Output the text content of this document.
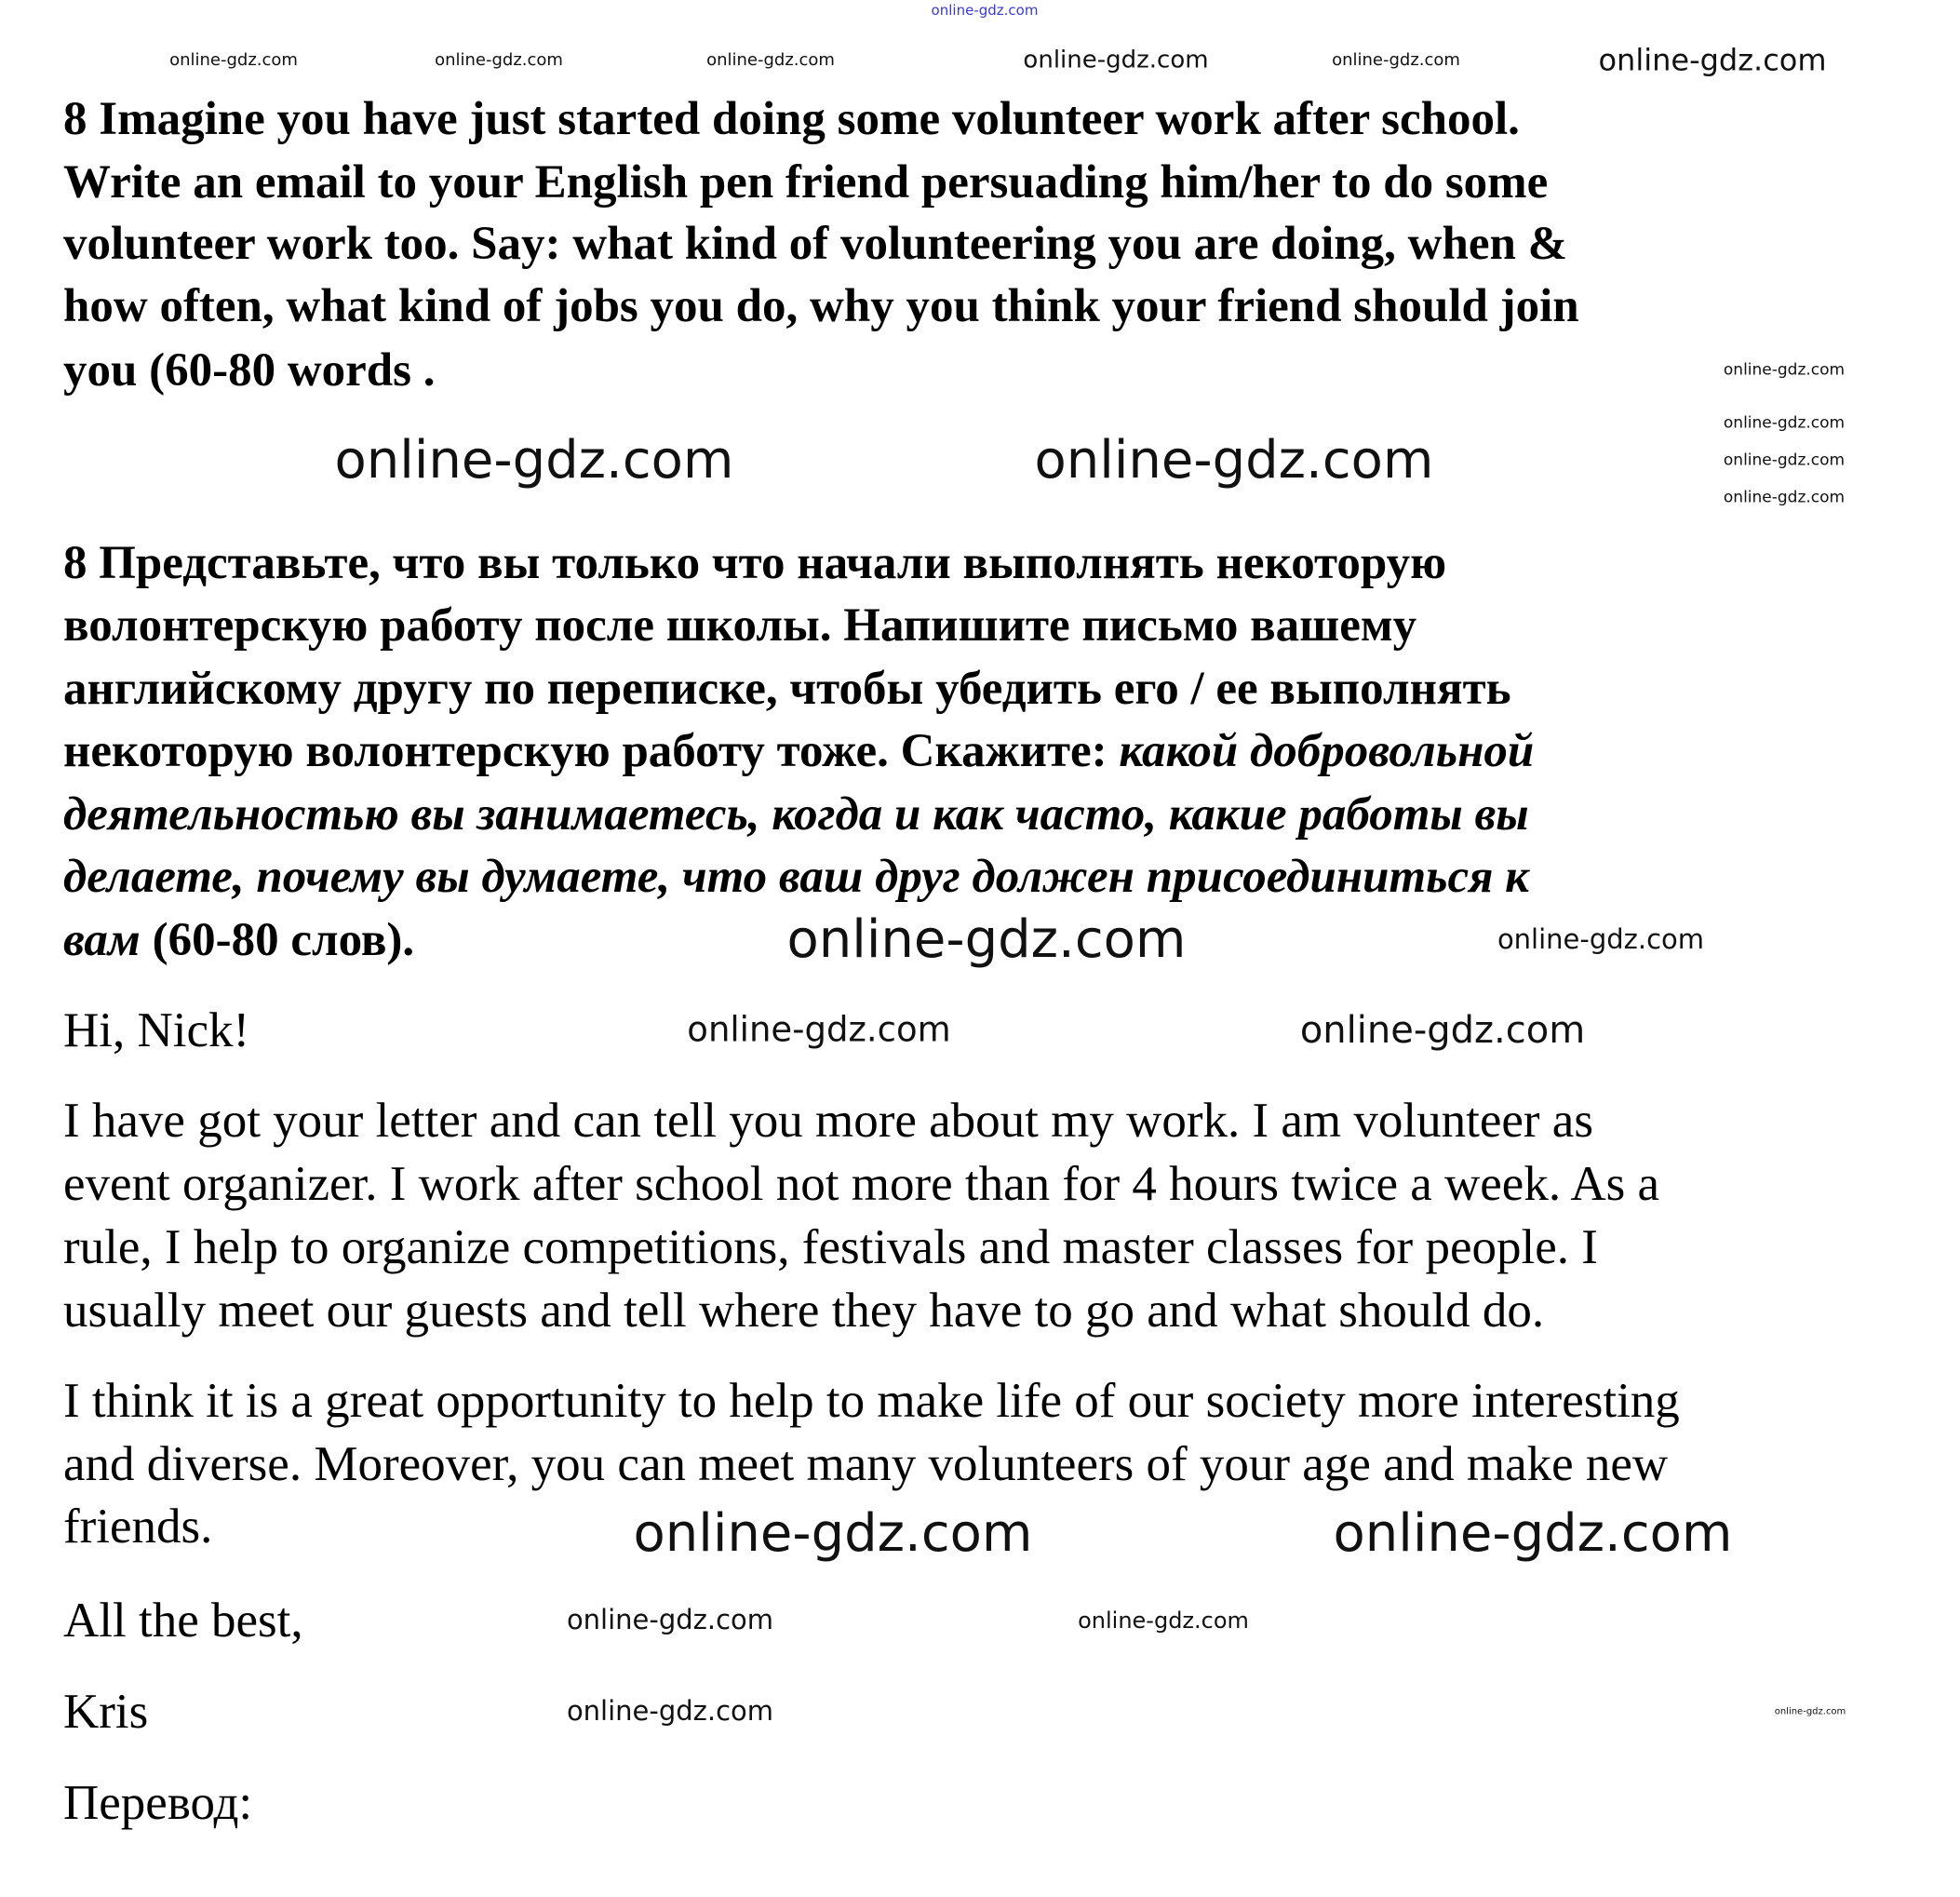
8 Imagine you have just started doing some volunteer work after school.
Write an email to your English pen friend persuading him/her to do some
volunteer work too. Say: what kind of volunteering you are doing, when &
how often, what kind of jobs you do, why you think your friend should join
you (60-80 words .
8 Представьте, что вы только что начали выполнять некоторую
волонтерскую работу после школы. Напишите письмо вашему
английскому другу по переписке, чтобы убедить его / ее выполнять
некоторую волонтерскую работу тоже. Скажите: какой добровольной
деятельностью вы занимаетесь, когда и как часто, какие работы вы
делаете, почему вы думаете, что ваш друг должен присоединиться к
вам (60-80 слов).
Hi, Nick!
I have got your letter and can tell you more about my work. I am volunteer as
event organizer. I work after school not more than for 4 hours twice a week. As a
rule, I help to organize competitions, festivals and master classes for people. I
usually meet our guests and tell where they have to go and what should do.
I think it is a great opportunity to help to make life of our society more interesting
and diverse. Moreover, you can meet many volunteers of your age and make new
friends.
All the best,
Kris
Перевод:
online-gdz.com
online-gdz.com	online-gdz.com	online-gdz.com	online-gdz.com	online-gdz.com	online-gdz.com
online-gdz.com
online-gdz.com
online-gdz.com
online-gdz.com
online-gdz.com	online-gdz.com
online-gdz.com
online-gdz.com
online-gdz.com
online-gdz.com
online-gdz.com
online-gdz.com
online-gdz.com
online-gdz.com	online-gdz.com
online-gdz.com
